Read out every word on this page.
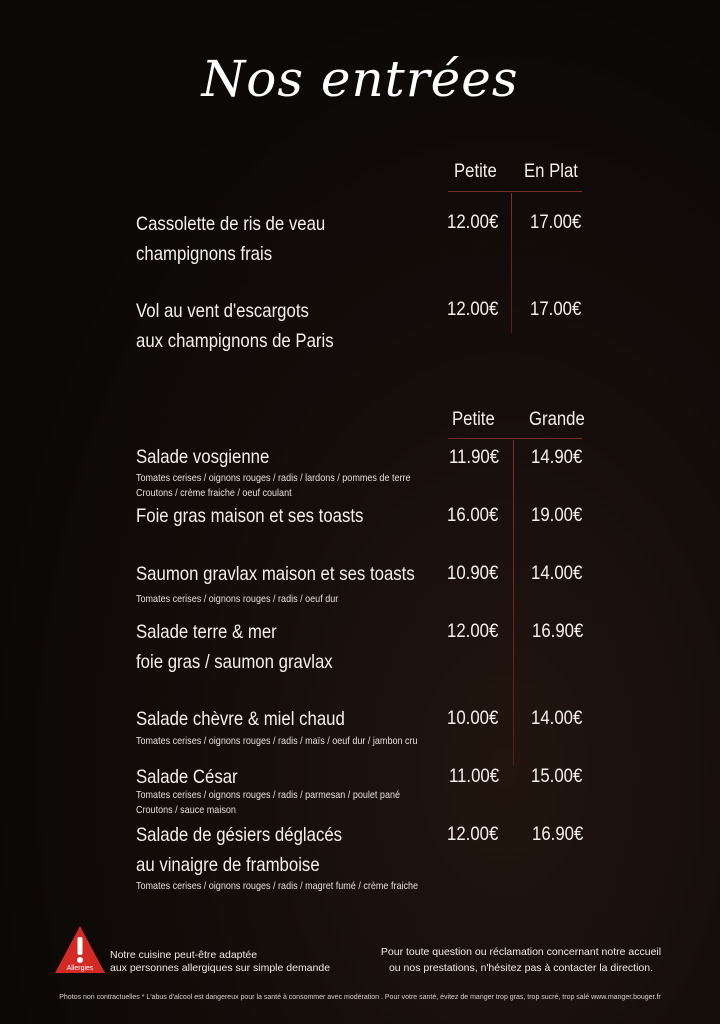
Nos entrées
Petite En Plat
Cassolette de ris de veau
champignons frais
12.00€ 17.00€
Vol au vent d'escargots
aux champignons de Paris
12.00€ 17.00€
Petite Grande
Salade vosgienne
Tomates cerises / oignons rouges / radis / lardons / pommes de terre
Croutons / crème fraiche / oeuf coulant
11.90€ 14.90€
Foie gras maison et ses toasts	16.00€ 19.00€
Saumon gravlax maison et ses toasts
Tomates cerises / oignons rouges / radis / oeuf dur
10.90€ 14.00€
Salade terre & mer
foie gras / saumon gravlax
12.00€ 16.90€
Salade chèvre & miel chaud
Tomates cerises / oignons rouges / radis / maïs / oeuf dur / jambon cru
10.00€ 14.00€
Salade César
Tomates cerises / oignons rouges / radis / parmesan / poulet pané
Croutons / sauce maison
11.00€ 15.00€
Salade de gésiers déglacés
au vinaigre de framboise
Tomates cerises / oignons rouges / radis / magret fumé / crème fraiche
12.00€ 16.90€
Allergies
Notre cuisine peut-être adaptée
aux personnes allergiques sur simple demande
Pour toute question ou réclamation concernant notre accueil
ou nos prestations, n'hésitez pas à contacter la direction.
Photos non contractuelles * L'abus d'alcool est dangereux pour la santé à consommer avec modération . Pour votre santé, évitez de manger trop gras, trop sucré, trop salé www.manger.bouger.fr
